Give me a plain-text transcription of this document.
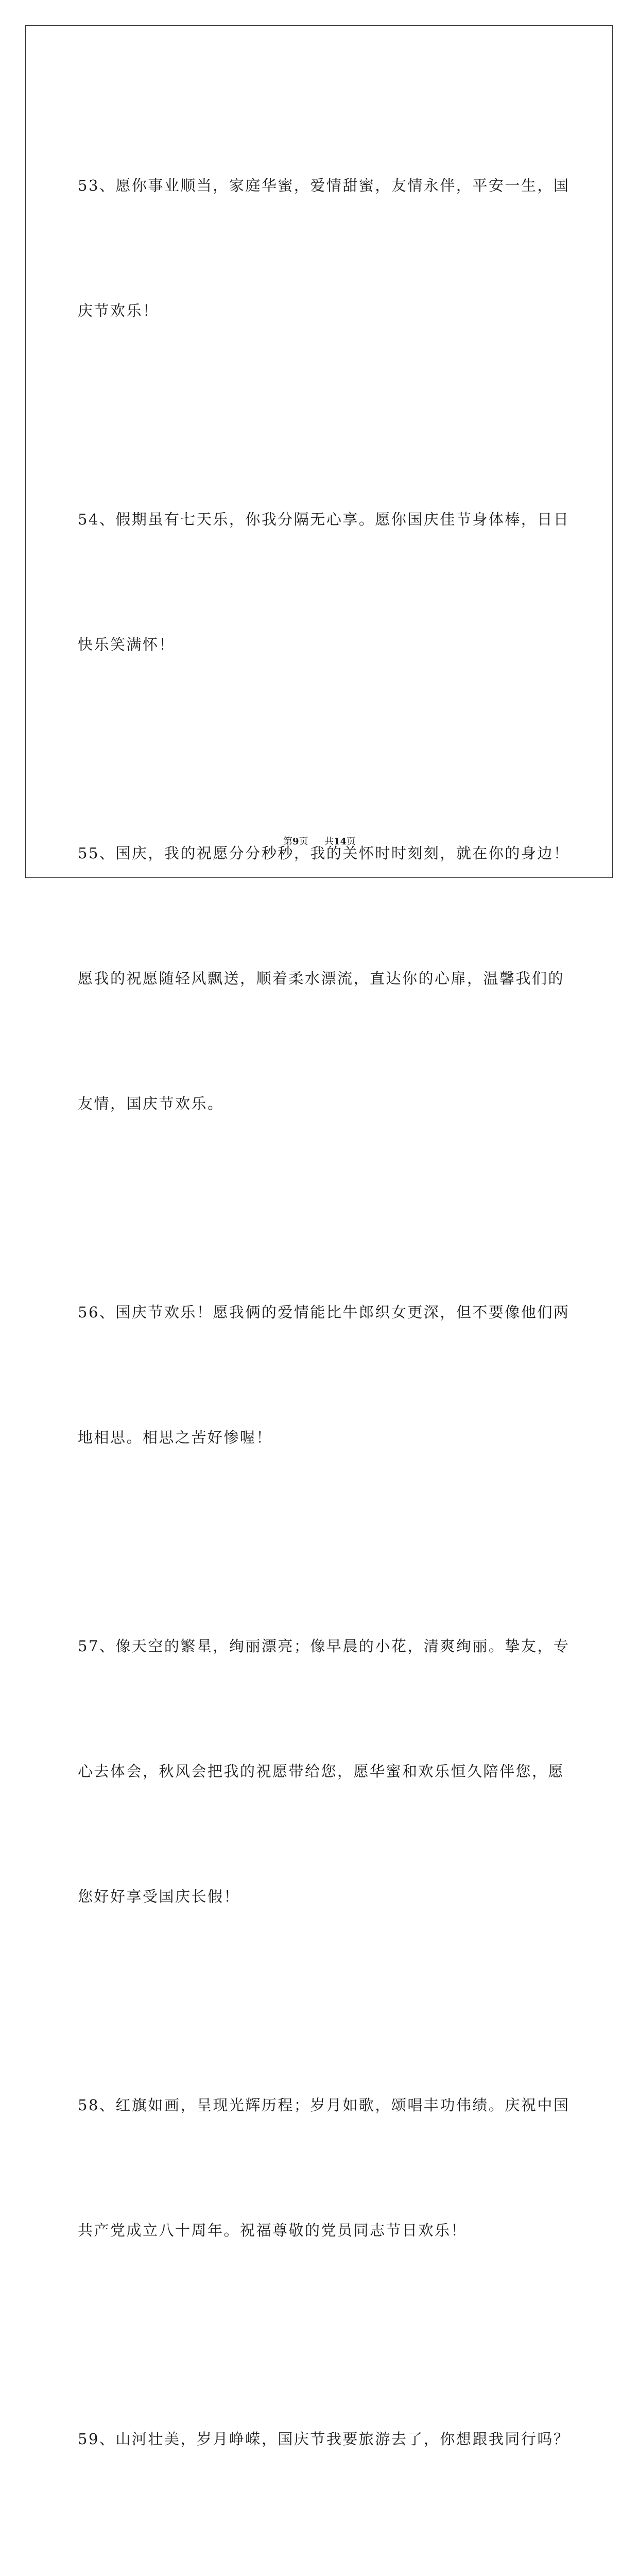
53、愿你事业顺当，家庭华蜜，爱情甜蜜，友情永伴，平安一生，国

庆节欢乐！

54、假期虽有七天乐，你我分隔无心享。愿你国庆佳节身体棒，日日

快乐笑满怀！

55、国庆，我的祝愿分分秒秒，我的关怀时时刻刻，就在你的身边！

愿我的祝愿随轻风飘送，顺着柔水漂流，直达你的心扉，温馨我们的

友情，国庆节欢乐。

56、国庆节欢乐！愿我俩的爱情能比牛郎织女更深，但不要像他们两

地相思。相思之苦好惨喔！

57、像天空的繁星，绚丽漂亮；像早晨的小花，清爽绚丽。挚友，专

心去体会，秋风会把我的祝愿带给您，愿华蜜和欢乐恒久陪伴您，愿

您好好享受国庆长假！

58、红旗如画，呈现光辉历程；岁月如歌，颂唱丰功伟绩。庆祝中国

共产党成立八十周年。祝福尊敬的党员同志节日欢乐！

59、山河壮美，岁月峥嵘，国庆节我要旅游去了，你想跟我同行吗？

第9页 共14页
